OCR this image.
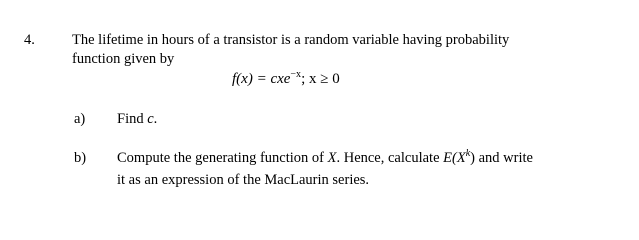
4.	The lifetime in hours of a transistor is a random variable having probability
function given by
f(x) = cxe$^{-x}$; x ≥ 0
a) Find c.
b) Compute the generating function of X. Hence, calculate $E(X^k)$ and write
it as an expression of the MacLaurin series.
